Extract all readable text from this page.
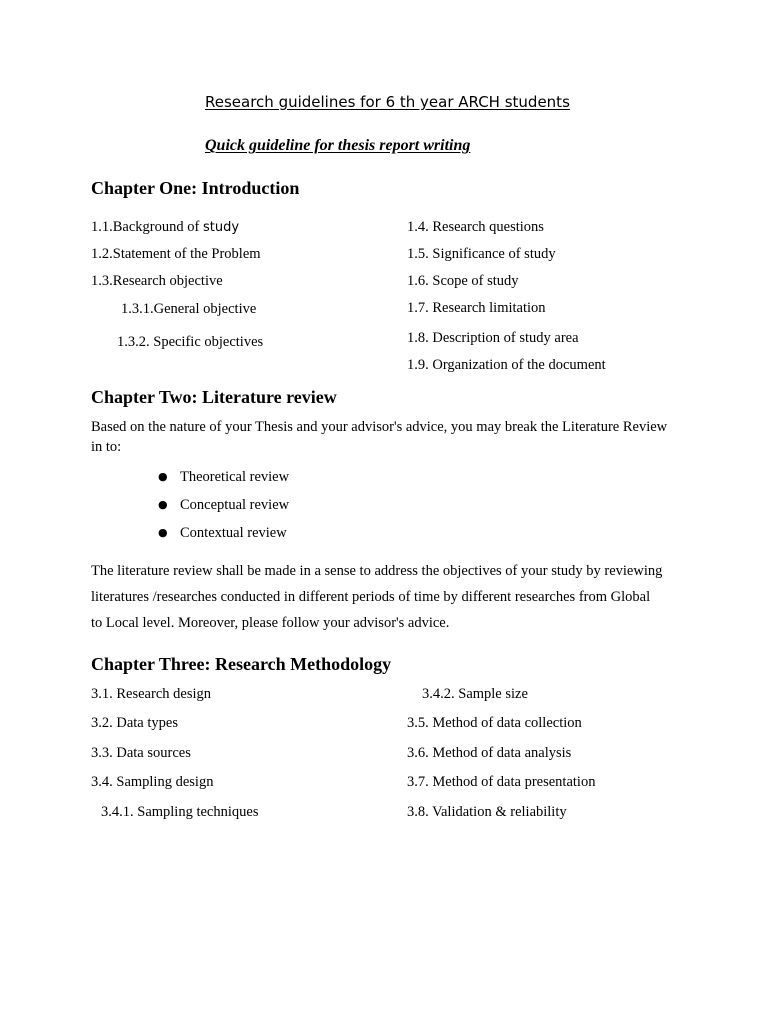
Research guidelines for 6 th year ARCH students
Quick guideline for thesis report writing
Chapter One: Introduction
1.1.Background of study
1.2.Statement of the Problem
1.3.Research objective
1.3.1.General objective
1.3.2. Specific objectives
1.4. Research questions
1.5. Significance of study
1.6. Scope of study
1.7. Research limitation
1.8. Description of study area
1.9. Organization of the document
Chapter Two: Literature review
Based on the nature of your Thesis and your advisor's advice, you may break the Literature Review
in to:
● Theoretical review
● Conceptual review
● Contextual review
The literature review shall be made in a sense to address the objectives of your study by reviewing
literatures /researches conducted in different periods of time by different researches from Global
to Local level. Moreover, please follow your advisor's advice.
Chapter Three: Research Methodology
3.1. Research design
3.2. Data types
3.3. Data sources
3.4. Sampling design
3.4.1. Sampling techniques
3.4.2. Sample size
3.5. Method of data collection
3.6. Method of data analysis
3.7. Method of data presentation
3.8. Validation & reliability
